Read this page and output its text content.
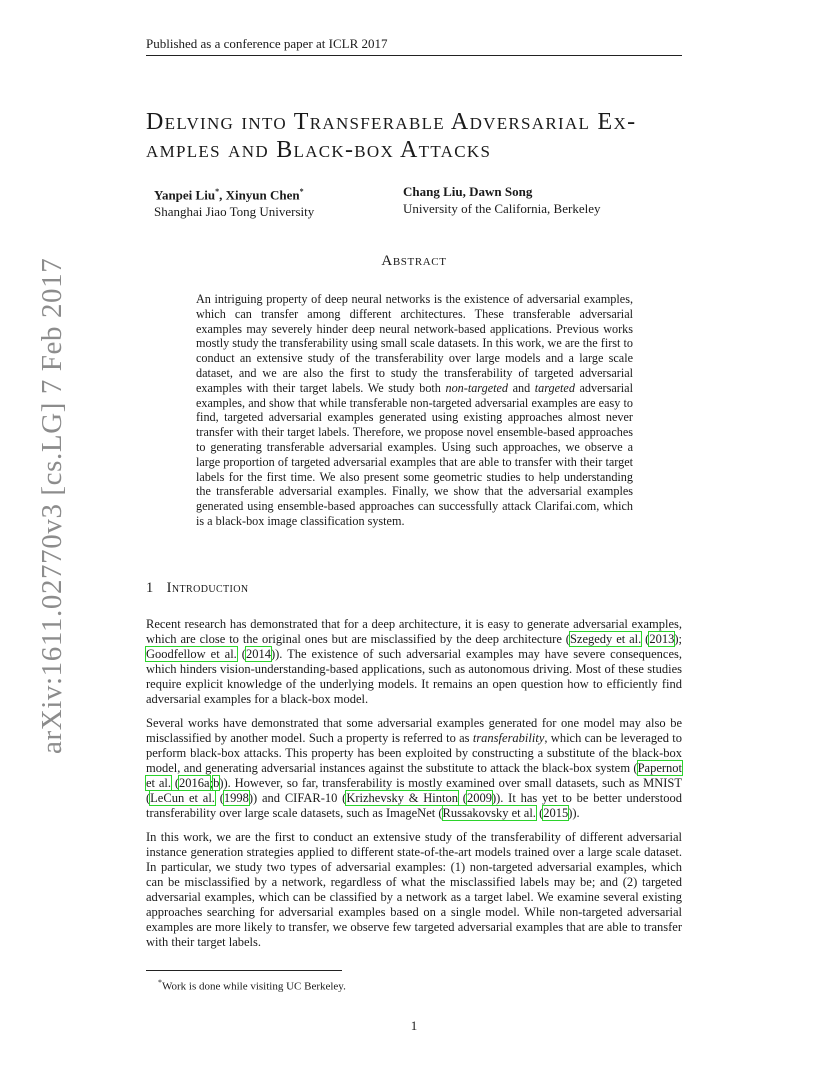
Published as a conference paper at ICLR 2017
arXiv:1611.02770v3 [cs.LG] 7 Feb 2017
Delving into Transferable Adversarial Ex-
amples and Black-box Attacks
Yanpei Liu*, Xinyun Chen*
Shanghai Jiao Tong University
Chang Liu, Dawn Song
University of the California, Berkeley
Abstract
An intriguing property of deep neural networks is the existence of adversarial examples, which can transfer among different architectures. These transferable adversarial examples may severely hinder deep neural network-based applications. Previous works mostly study the transferability using small scale datasets. In this work, we are the first to conduct an extensive study of the transferability over large models and a large scale dataset, and we are also the first to study the transferability of targeted adversarial examples with their target labels. We study both non-targeted and targeted adversarial examples, and show that while transferable non-targeted adversarial examples are easy to find, targeted adversarial examples generated using existing approaches almost never transfer with their target labels. Therefore, we propose novel ensemble-based approaches to generating transferable adversarial examples. Using such approaches, we observe a large proportion of targeted adversarial examples that are able to transfer with their target labels for the first time. We also present some geometric studies to help understanding the transferable adversarial examples. Finally, we show that the adversarial examples generated using ensemble-based approaches can successfully attack Clarifai.com, which is a black-box image classification system.
1 Introduction

Recent research has demonstrated that for a deep architecture, it is easy to generate adversarial examples, which are close to the original ones but are misclassified by the deep architecture (Szegedy et al. (2013); Goodfellow et al. (2014)). The existence of such adversarial examples may have severe consequences, which hinders vision-understanding-based applications, such as autonomous driving. Most of these studies require explicit knowledge of the underlying models. It remains an open question how to efficiently find adversarial examples for a black-box model.

Several works have demonstrated that some adversarial examples generated for one model may also be misclassified by another model. Such a property is referred to as transferability, which can be leveraged to perform black-box attacks. This property has been exploited by constructing a substitute of the black-box model, and generating adversarial instances against the substitute to attack the black-box system (Papernot et al. (2016a;b)). However, so far, transferability is mostly examined over small datasets, such as MNIST (LeCun et al. (1998)) and CIFAR-10 (Krizhevsky & Hinton (2009)). It has yet to be better understood transferability over large scale datasets, such as ImageNet (Russakovsky et al. (2015)).

In this work, we are the first to conduct an extensive study of the transferability of different adversarial instance generation strategies applied to different state-of-the-art models trained over a large scale dataset. In particular, we study two types of adversarial examples: (1) non-targeted adversarial examples, which can be misclassified by a network, regardless of what the misclassified labels may be; and (2) targeted adversarial examples, which can be classified by a network as a target label. We examine several existing approaches searching for adversarial examples based on a single model. While non-targeted adversarial examples are more likely to transfer, we observe few targeted adversarial examples that are able to transfer with their target labels.

*Work is done while visiting UC Berkeley.
1
